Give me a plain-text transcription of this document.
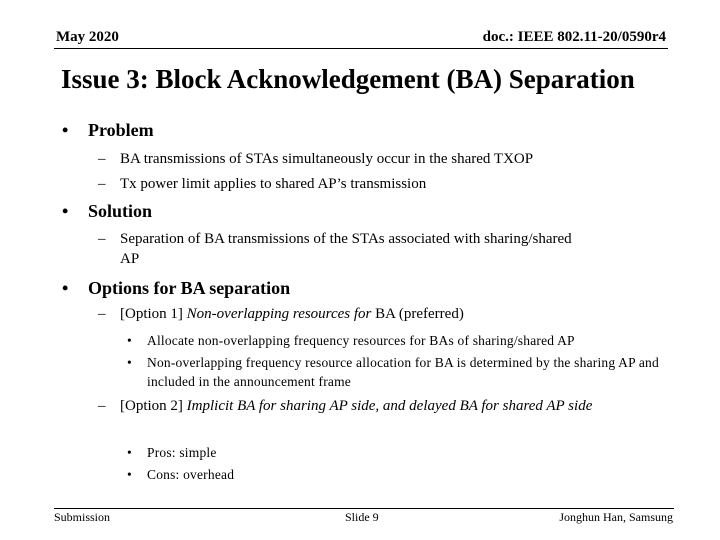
May 2020	doc.: IEEE 802.11-20/0590r4
Issue 3: Block Acknowledgement (BA) Separation
• Problem
– BA transmissions of STAs simultaneously occur in the shared TXOP
– Tx power limit applies to shared AP’s transmission
• Solution
– Separation of BA transmissions of the STAs associated with sharing/shared AP
• Options for BA separation
– [Option 1] Non-overlapping resources for BA (preferred)
•	Allocate non-overlapping frequency resources for BAs of sharing/shared AP
•	Non-overlapping frequency resource allocation for BA is determined by the sharing AP and included in the announcement frame
– [Option 2] Implicit BA for sharing AP side, and delayed BA for shared AP side
•	Pros: simple
•	Cons: overhead
Submission	Slide 9	Jonghun Han, Samsung
